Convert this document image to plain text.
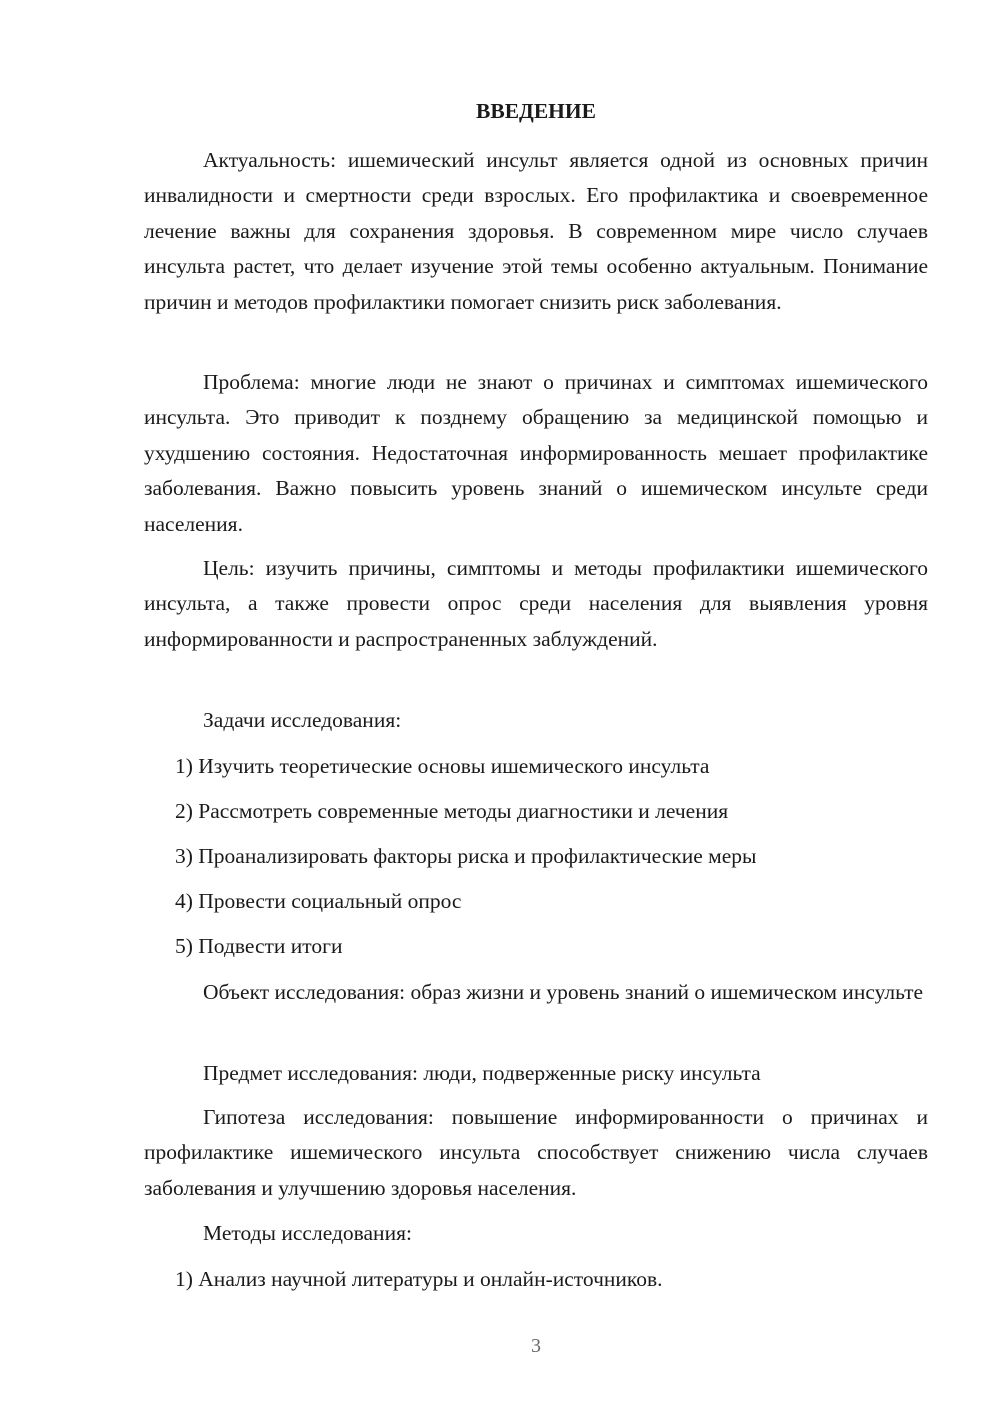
ВВЕДЕНИЕ

Актуальность: ишемический инсульт является одной из основных причин инвалидности и смертности среди взрослых. Его профилактика и своевременное лечение важны для сохранения здоровья. В современном мире число случаев инсульта растет, что делает изучение этой темы особенно актуальным. Понимание причин и методов профилактики помогает снизить риск заболевания.

Проблема: многие люди не знают о причинах и симптомах ишемического инсульта. Это приводит к позднему обращению за медицинской помощью и ухудшению состояния. Недостаточная информированность мешает профилактике заболевания. Важно повысить уровень знаний о ишемическом инсульте среди населения.

Цель: изучить причины, симптомы и методы профилактики ишемического инсульта, а также провести опрос среди населения для выявления уровня информированности и распространенных заблуждений.

Задачи исследования:

1) Изучить теоретические основы ишемического инсульта

2) Рассмотреть современные методы диагностики и лечения

3) Проанализировать факторы риска и профилактические меры

4) Провести социальный опрос

5) Подвести итоги

Объект исследования: образ жизни и уровень знаний о ишемическом инсульте

Предмет исследования: люди, подверженные риску инсульта

Гипотеза исследования: повышение информированности о причинах и профилактике ишемического инсульта способствует снижению числа случаев заболевания и улучшению здоровья населения.

Методы исследования:

1) Анализ научной литературы и онлайн-источников.

3
